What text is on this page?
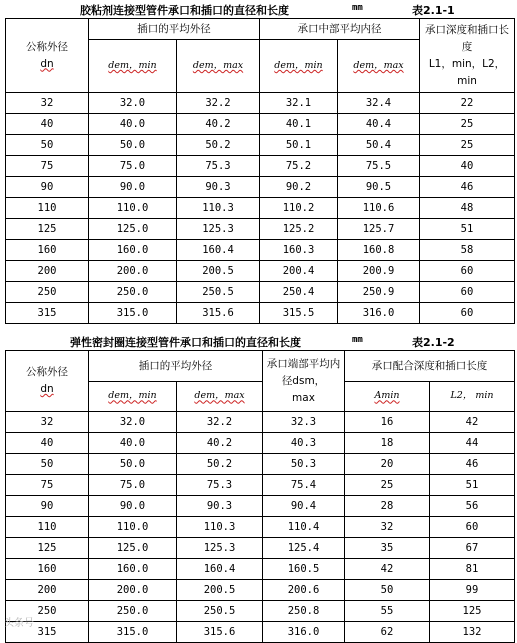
胶粘剂连接型管件承口和插口的直径和长度	mm	表2.1-1
公称外径
dn	插口的平均外径		承口中部平均内径		承口深度和插口长度
L1，min，L2，min
	dem，min	dem，max	dem，min	dem，max	

32	32.0	32.2	32.1	32.4	22
40	40.0	40.2	40.1	40.4	25
50	50.0	50.2	50.1	50.4	25
75	75.0	75.3	75.2	75.5	40
90	90.0	90.3	90.2	90.5	46
110	110.0	110.3	110.2	110.6	48
125	125.0	125.3	125.2	125.7	51
160	160.0	160.4	160.3	160.8	58
200	200.0	200.5	200.4	200.9	60
250	250.0	250.5	250.4	250.9	60
315	315.0	315.6	315.5	316.0	60
弹性密封圈连接型管件承口和插口的直径和长度	mm	表2.1-2
公称外径
dn	插口的平均外径		承口端部平均内径dsm，
max	承口配合深度和插口长度	
	dem，min	dem，max		Amin	L2， min
32	32.0	32.2	32.3	16	42
40	40.0	40.2	40.3	18	44
50	50.0	50.2	50.3	20	46
75	75.0	75.3	75.4	25	51
90	90.0	90.3	90.4	28	56
110	110.0	110.3	110.4	32	60
125	125.0	125.3	125.4	35	67
160	160.0	160.4	160.5	42	81
200	200.0	200.5	200.6	50	99
250	250.0	250.5	250.8	55	125
315	315.0	315.6	316.0	62	132
头条号
